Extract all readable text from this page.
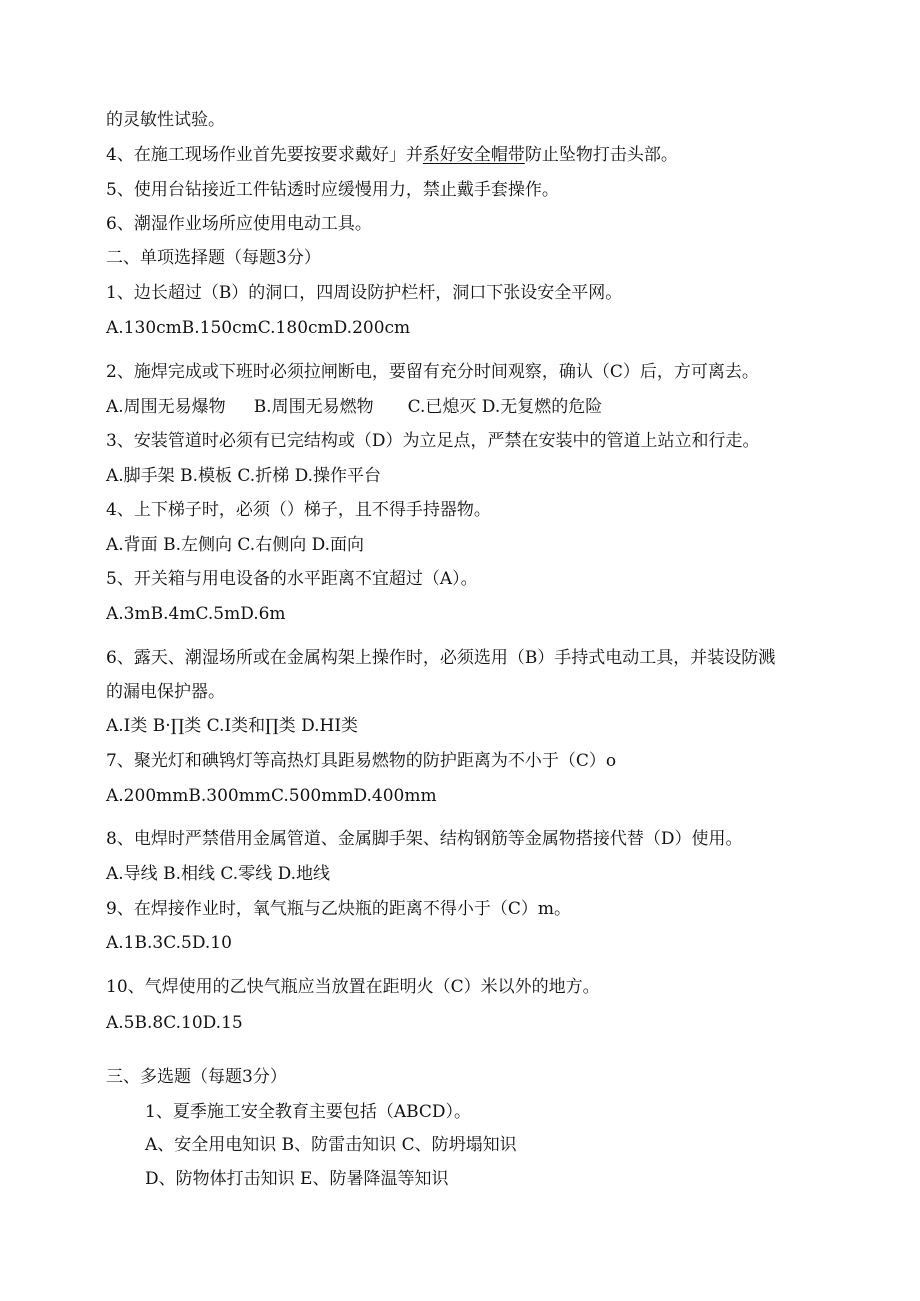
的灵敏性试验。
4、在施工现场作业首先要按要求戴好」并系好安全帽带防止坠物打击头部。
5、使用台钻接近工件钻透时应缓慢用力，禁止戴手套操作。
6、潮湿作业场所应使用电动工具。
二、单项选择题（每题3分）
1、边长超过（B）的洞口，四周设防护栏杆，洞口下张设安全平网。
A.130cmB.150cmC.180cmD.200cm
2、施焊完成或下班时必须拉闸断电，要留有充分时间观察，确认（C）后，方可离去。
A.周围无易爆物 B.周围无易燃物 C.已熄灭 D.无复燃的危险
3、安装管道时必须有已完结构或（D）为立足点，严禁在安装中的管道上站立和行走。
A.脚手架 B.模板 C.折梯 D.操作平台
4、上下梯子时，必须（）梯子，且不得手持器物。
A.背面 B.左侧向 C.右侧向 D.面向
5、开关箱与用电设备的水平距离不宜超过（A）。
A.3mB.4mC.5mD.6m
6、露天、潮湿场所或在金属构架上操作时，必须选用（B）手持式电动工具，并装设防溅
的漏电保护器。
A.I类 B·∏类 C.I类和∏类 D.HI类
7、聚光灯和碘鸨灯等高热灯具距易燃物的防护距离为不小于（C）o
A.200mmB.300mmC.500mmD.400mm
8、电焊时严禁借用金属管道、金属脚手架、结构钢筋等金属物搭接代替（D）使用。
A.导线 B.相线 C.零线 D.地线
9、在焊接作业时，氧气瓶与乙炔瓶的距离不得小于（C）m。
A.1B.3C.5D.10
10、气焊使用的乙快气瓶应当放置在距明火（C）米以外的地方。
A.5B.8C.10D.15
三、多选题（每题3分）
1、夏季施工安全教育主要包括（ABCD）。
A、安全用电知识 B、防雷击知识 C、防坍塌知识
D、防物体打击知识 E、防暑降温等知识
